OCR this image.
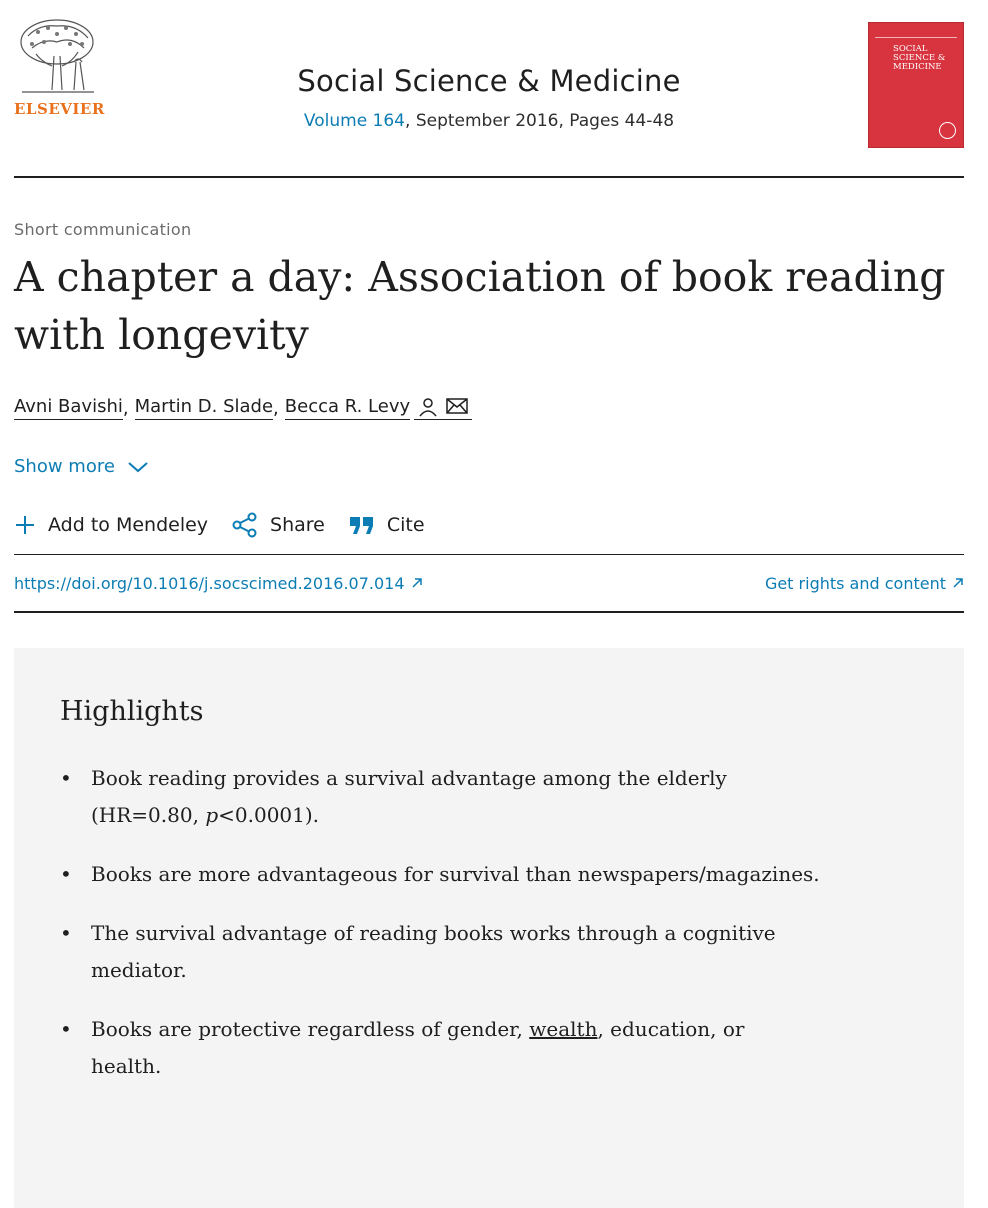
ELSEVIER
Social Science & Medicine
Volume 164, September 2016, Pages 44-48
SOCIAL SCIENCE & MEDICINE
Short communication
A chapter a day: Association of book reading with longevity
Avni Bavishi , Martin D. Slade , Becca R. Levy
Show more
Add to Mendeley	Share	Cite
https://doi.org/10.1016/j.socscimed.2016.07.014	Get rights and content
Highlights
• Book reading provides a survival advantage among the elderly (HR=0.80, p<0.0001).
• Books are more advantageous for survival than newspapers/magazines.
• The survival advantage of reading books works through a cognitive mediator.
• Books are protective regardless of gender, wealth, education, or health.
